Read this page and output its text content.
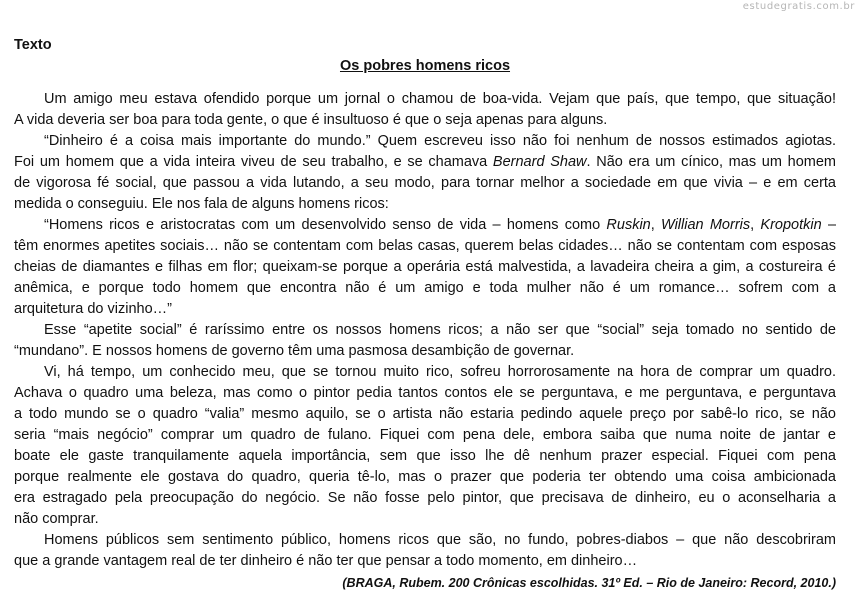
estudegratis.com.br
Texto
Os pobres homens ricos
Um amigo meu estava ofendido porque um jornal o chamou de boa-vida. Vejam que país, que tempo, que situação!
A vida deveria ser boa para toda gente, o que é insultuoso é que o seja apenas para alguns.
“Dinheiro é a coisa mais importante do mundo.” Quem escreveu isso não foi nenhum de nossos estimados agiotas.
Foi um homem que a vida inteira viveu de seu trabalho, e se chamava Bernard Shaw. Não era um cínico, mas um homem
de vigorosa fé social, que passou a vida lutando, a seu modo, para tornar melhor a sociedade em que vivia – e em certa
medida o conseguiu. Ele nos fala de alguns homens ricos:
“Homens ricos e aristocratas com um desenvolvido senso de vida – homens como Ruskin, Willian Morris, Kropotkin –
têm enormes apetites sociais… não se contentam com belas casas, querem belas cidades… não se contentam com esposas
cheias de diamantes e filhas em flor; queixam-se porque a operária está malvestida, a lavadeira cheira a gim, a costureira é
anêmica, e porque todo homem que encontra não é um amigo e toda mulher não é um romance… sofrem com a
arquitetura do vizinho…”
Esse “apetite social” é raríssimo entre os nossos homens ricos; a não ser que “social” seja tomado no sentido de
“mundano”. E nossos homens de governo têm uma pasmosa desambição de governar.
Vi, há tempo, um conhecido meu, que se tornou muito rico, sofreu horrorosamente na hora de comprar um quadro.
Achava o quadro uma beleza, mas como o pintor pedia tantos contos ele se perguntava, e me perguntava, e perguntava
a todo mundo se o quadro “valia” mesmo aquilo, se o artista não estaria pedindo aquele preço por sabê-lo rico, se não
seria “mais negócio” comprar um quadro de fulano. Fiquei com pena dele, embora saiba que numa noite de jantar e
boate ele gaste tranquilamente aquela importância, sem que isso lhe dê nenhum prazer especial. Fiquei com pena
porque realmente ele gostava do quadro, queria tê-lo, mas o prazer que poderia ter obtendo uma coisa ambicionada
era estragado pela preocupação do negócio. Se não fosse pelo pintor, que precisava de dinheiro, eu o aconselharia a
não comprar.
Homens públicos sem sentimento público, homens ricos que são, no fundo, pobres-diabos – que não descobriram
que a grande vantagem real de ter dinheiro é não ter que pensar a todo momento, em dinheiro…
(BRAGA, Rubem. 200 Crônicas escolhidas. 31º Ed. – Rio de Janeiro: Record, 2010.)
